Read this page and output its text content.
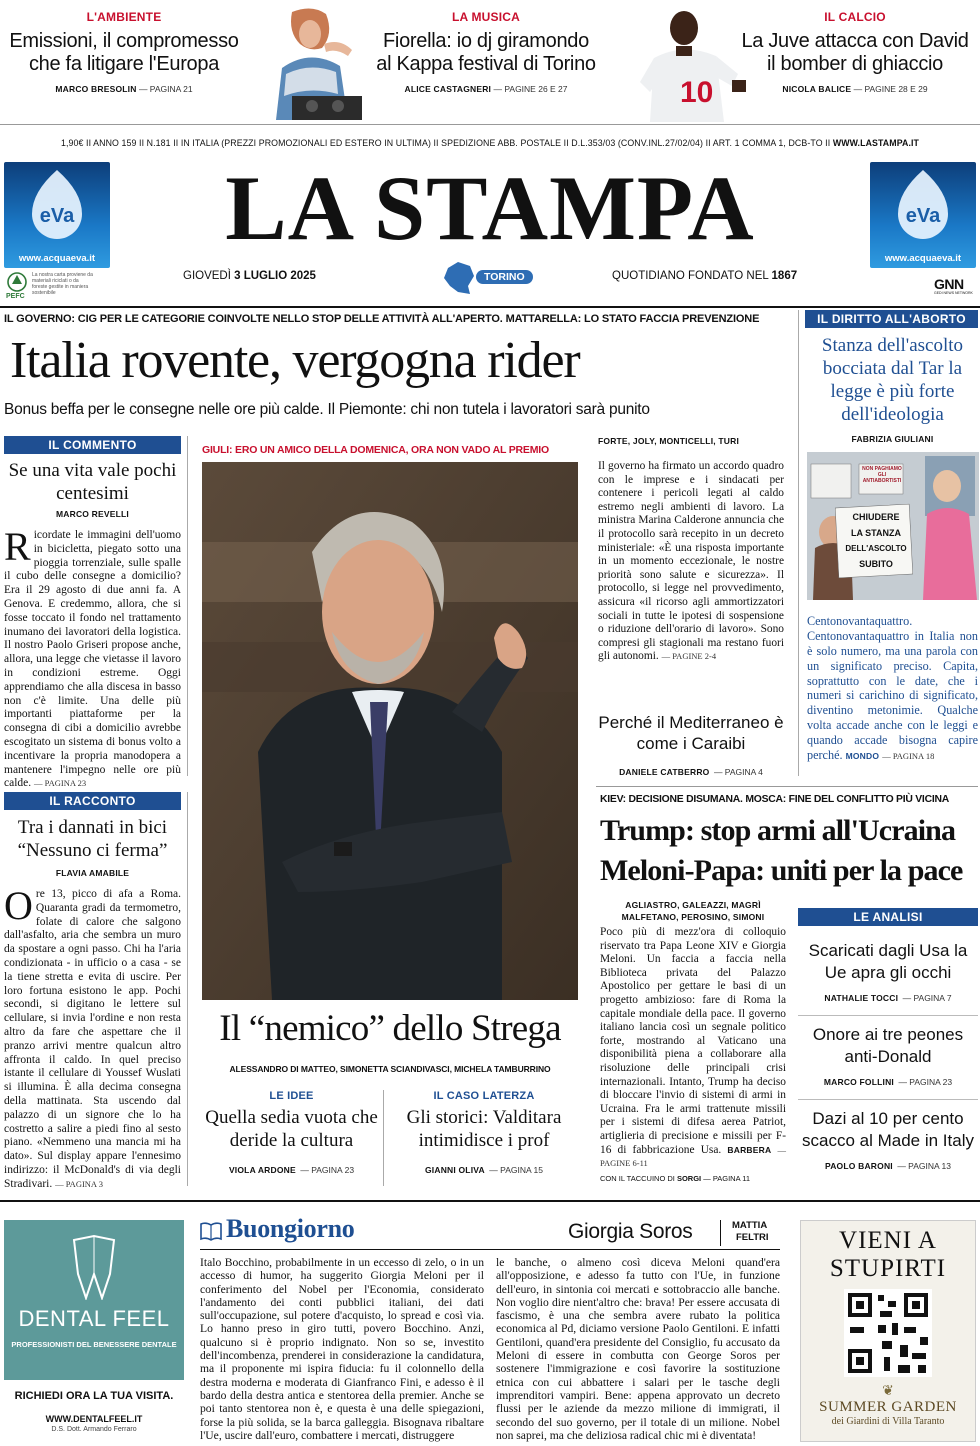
L'AMBIENTE
Emissioni, il compromesso che fa litigare l'Europa
MARCO BRESOLIN — PAGINA 21
LA MUSICA
Fiorella: io dj giramondo al Kappa festival di Torino
ALICE CASTAGNERI — PAGINE 26 E 27	10
IL CALCIO
La Juve attacca con David il bomber di ghiaccio
NICOLA BALICE — PAGINE 28 E 29
1,90€ II ANNO 159 II N.181 II IN ITALIA (PREZZI PROMOZIONALI ED ESTERO IN ULTIMA) II SPEDIZIONE ABB. POSTALE II D.L.353/03 (CONV.INL.27/02/04) II ART. 1 COMMA 1, DCB-TO II WWW.LASTAMPA.IT
eVa
www.acquaeva.it	LA STAMPA	eVa
www.acquaeva.it
PEFC
La nostra carta proviene da materiali riciclati o da foreste gestite in maniera sostenibile
GIOVEDÌ 3 LUGLIO 2025	TORINO	QUOTIDIANO FONDATO NEL 1867	GNN
GEDI NEWS NETWORK
IL GOVERNO: CIG PER LE CATEGORIE COINVOLTE NELLO STOP DELLE ATTIVITÀ ALL'APERTO. MATTARELLA: LO STATO FACCIA PREVENZIONE
Italia rovente, vergogna rider
Bonus beffa per le consegne nelle ore più calde. Il Piemonte: chi non tutela i lavoratori sarà punito
IL DIRITTO ALL'ABORTO
Stanza dell'ascolto bocciata dal Tar la legge è più forte dell'ideologia
FABRIZIA GIULIANI
NON PAGHIAMO GLI ANTIABORTISTI
CHIUDERE
LA STANZA
DELL'ASCOLTO
SUBITO
Centonovantaquattro. Centonovantaquattro in Italia non è solo numero, ma una parola con un significato preciso. Capita, soprattutto con le date, che i numeri si carichino di significato, diventino metonimie. Qualche volta accade anche con le leggi e quando accade bisogna capire perché. MONDO — PAGINA 18
IL COMMENTO
Se una vita vale pochi centesimi
MARCO REVELLI
Ricordate le immagini dell'uomo in bicicletta, piegato sotto una pioggia torrenziale, sulle spalle il cubo delle consegne a domicilio? Era il 29 agosto di due anni fa. A Genova. E credemmo, allora, che si fosse toccato il fondo nel trattamento inumano dei lavoratori della logistica. Il nostro Paolo Griseri propose anche, allora, una legge che vietasse il lavoro in condizioni estreme. Oggi apprendiamo che alla discesa in basso non c'è limite. Una delle più importanti piattaforme per la consegna di cibi a domicilio avrebbe escogitato un sistema di bonus volto a incentivare la propria manodopera a mantenere l'impegno nelle ore più calde. — PAGINA 23
IL RACCONTO
Tra i dannati in bici “Nessuno ci ferma”
FLAVIA AMABILE
Ore 13, picco di afa a Roma. Quaranta gradi da termometro, folate di calore che salgono dall'asfalto, aria che sembra un muro da spostare a ogni passo. Chi ha l'aria condizionata - in ufficio o a casa - se la tiene stretta e evita di uscire. Per loro fortuna esistono le app. Pochi secondi, si digitano le lettere sul cellulare, si invia l'ordine e non resta altro da fare che aspettare che il pranzo arrivi mentre qualcun altro affronta il caldo. In quel preciso istante il cellulare di Youssef Wuslati si illumina. È alla decima consegna della mattinata. Sta uscendo dal palazzo di un signore che lo ha costretto a salire a piedi fino al sesto piano. «Nemmeno una mancia mi ha dato». Sul display appare l'ennesimo indirizzo: il McDonald's di via degli Stradivari. — PAGINA 3
GIULI: ERO UN AMICO DELLA DOMENICA, ORA NON VADO AL PREMIO
Il “nemico” dello Strega
ALESSANDRO DI MATTEO, SIMONETTA SCIANDIVASCI, MICHELA TAMBURRINO
LE IDEE
Quella sedia vuota che deride la cultura
VIOLA ARDONE — PAGINA 23
IL CASO LATERZA
Gli storici: Valditara intimidisce i prof
GIANNI OLIVA — PAGINA 15
FORTE, JOLY, MONTICELLI, TURI
Il governo ha firmato un accordo quadro con le imprese e i sindacati per contenere i pericoli legati al caldo estremo negli ambienti di lavoro. La ministra Marina Calderone annuncia che il protocollo sarà recepito in un decreto ministeriale: «È una risposta importante in un momento eccezionale, le nostre priorità sono salute e sicurezza». Il protocollo, si legge nel provvedimento, assicura «il ricorso agli ammortizzatori sociali in tutte le ipotesi di sospensione o riduzione dell'orario di lavoro». Sono compresi gli stagionali ma restano fuori gli autonomi. — PAGINE 2-4
Perché il Mediterraneo è come i Caraibi
DANIELE CATBERRO — PAGINA 4
KIEV: DECISIONE DISUMANA. MOSCA: FINE DEL CONFLITTO PIÙ VICINA
Trump: stop armi all'Ucraina
Meloni-Papa: uniti per la pace
AGLIASTRO, GALEAZZI, MAGRÌ
MALFETANO, PEROSINO, SIMONI
Poco più di mezz'ora di colloquio riservato tra Papa Leone XIV e Giorgia Meloni. Un faccia a faccia nella Biblioteca privata del Palazzo Apostolico per gettare le basi di un progetto ambizioso: fare di Roma la capitale mondiale della pace. Il governo italiano lancia così un segnale politico forte, mostrando al Vaticano una disponibilità piena a collaborare alla risoluzione delle principali crisi internazionali. Intanto, Trump ha deciso di bloccare l'invio di sistemi di armi in Ucraina. Fra le armi trattenute missili per i sistemi di difesa aerea Patriot, artiglieria di precisione e missili per F-16 di fabbricazione Usa. BARBERA — PAGINE 6-11
CON IL TACCUINO DI SORGI — PAGINA 11
LE ANALISI
Scaricati dagli Usa la Ue apra gli occhi
NATHALIE TOCCI — PAGINA 7
Onore ai tre peones anti-Donald
MARCO FOLLINI — PAGINA 23
Dazi al 10 per cento scacco al Made in Italy
PAOLO BARONI — PAGINA 13
DENTAL FEEL
PROFESSIONISTI DEL BENESSERE DENTALE
RICHIEDI ORA LA TUA VISITA.
WWW.DENTALFEEL.IT
D.S. Dott. Armando Ferraro
Buongiorno	Giorgia Soros	MATTIA
FELTRI
Italo Bocchino, probabilmente in un eccesso di zelo, o in un accesso di humor, ha suggerito Giorgia Meloni per il conferimento del Nobel per l'Economia, considerato l'andamento dei conti pubblici italiani, dei dati sull'occupazione, sul potere d'acquisto, lo spread e così via. Lo hanno preso in giro tutti, povero Bocchino. Anzi, qualcuno si è proprio indignato. Non so se, investito dell'incombenza, prenderei in considerazione la candidatura, ma il proponente mi ispira fiducia: fu il colonnello della destra moderna e moderata di Gianfranco Fini, e adesso è il bardo della destra antica e stentorea della premier. Anche se poi tanto stentorea non è, e questa è una delle spiegazioni, forse la più solida, se la barca galleggia. Bisognava ribaltare l'Ue, uscire dall'euro, combattere i mercati, distruggere
le banche, o almeno così diceva Meloni quand'era all'opposizione, e adesso fa tutto con l'Ue, in funzione dell'euro, in sintonia coi mercati e sottobraccio alle banche. Non voglio dire nient'altro che: brava! Per essere accusata di fascismo, è una che sembra avere rubato la politica economica al Pd, diciamo versione Paolo Gentiloni. E infatti Gentiloni, quand'era presidente del Consiglio, fu accusato da Meloni di essere in combutta con George Soros per sostenere l'immigrazione e così favorire la sostituzione etnica con cui abbattere i salari per le tasche degli imprenditori vampiri. Bene: appena approvato un decreto flussi per le aziende da mezzo milione di immigrati, il secondo del suo governo, per il totale di un milione. Nobel non saprei, ma che deliziosa radical chic mi è diventata!
VIENI A
STUPIRTI
❦
SUMMER GARDEN
dei Giardini di Villa Taranto
